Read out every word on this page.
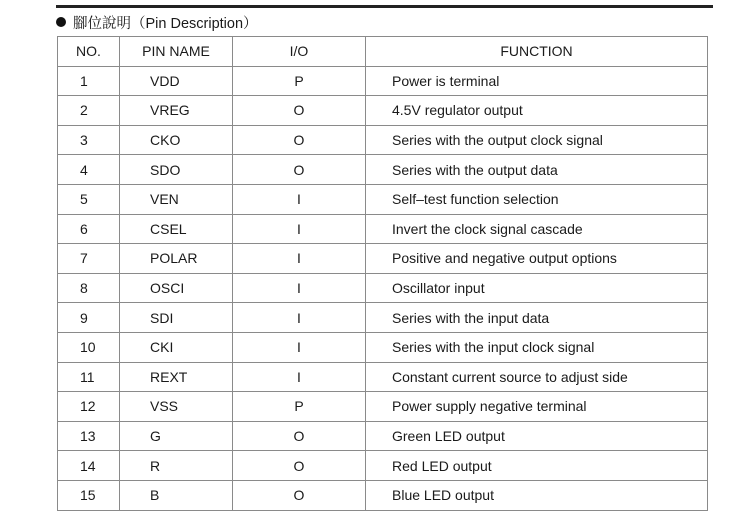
腳位說明（Pin Description）
NO.	PIN NAME	I/O	FUNCTION
1	VDD	P	Power is terminal
2	VREG	O	4.5V regulator output
3	CKO	O	Series with the output clock signal
4	SDO	O	Series with the output data
5	VEN	I	Self–test function selection
6	CSEL	I	Invert the clock signal cascade
7	POLAR	I	Positive and negative output options
8	OSCI	I	Oscillator input
9	SDI	I	Series with the input data
10	CKI	I	Series with the input clock signal
11	REXT	I	Constant current source to adjust side
12	VSS	P	Power supply negative terminal
13	G	O	Green LED output
14	R	O	Red LED output
15	B	O	Blue LED output
